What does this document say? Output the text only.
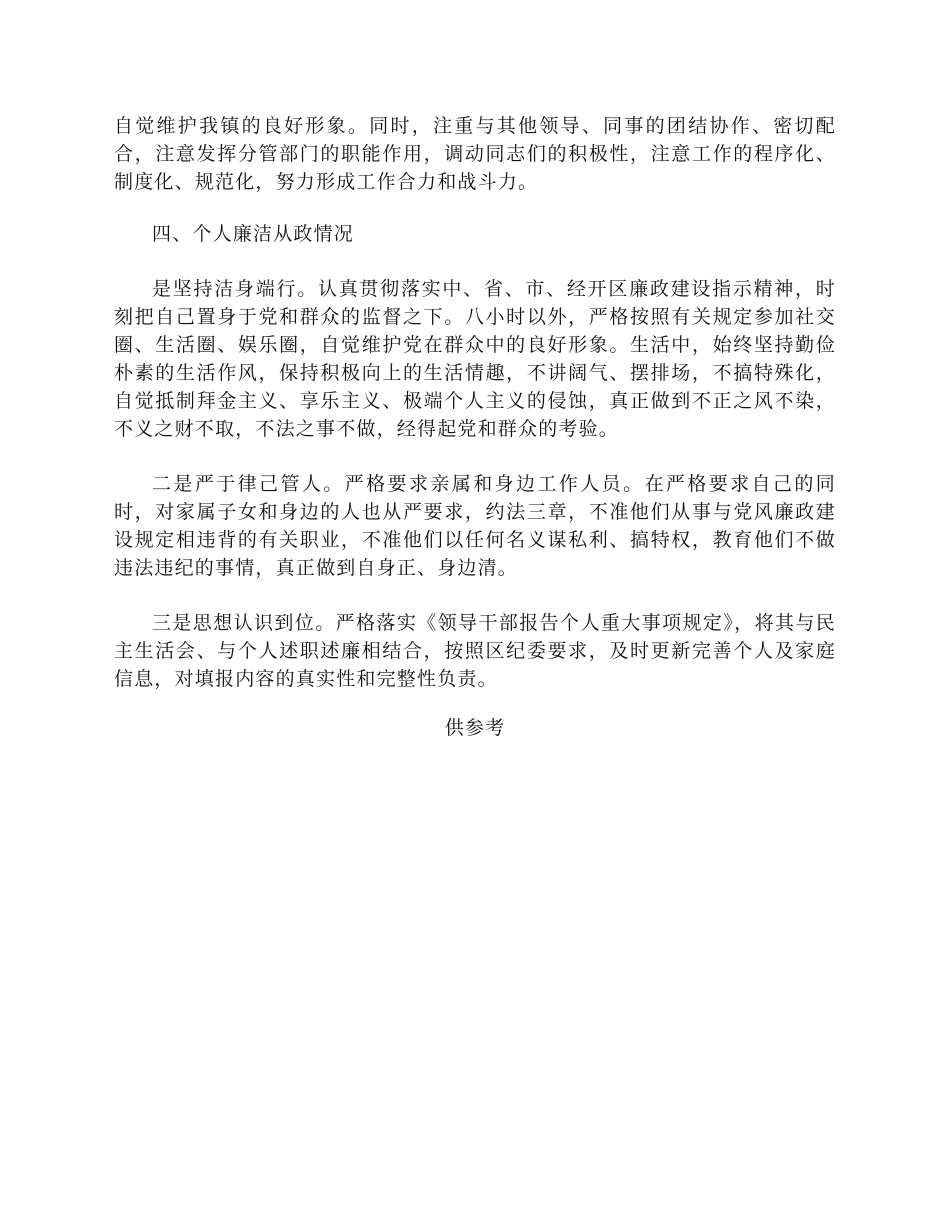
自觉维护我镇的良好形象。同时，注重与其他领导、同事的团结协作、密切配合，注意发挥分管部门的职能作用，调动同志们的积极性，注意工作的程序化、制度化、规范化，努力形成工作合力和战斗力。

四、个人廉洁从政情况

是坚持洁身端行。认真贯彻落实中、省、市、经开区廉政建设指示精神，时刻把自己置身于党和群众的监督之下。八小时以外，严格按照有关规定参加社交圈、生活圈、娱乐圈，自觉维护党在群众中的良好形象。生活中，始终坚持勤俭朴素的生活作风，保持积极向上的生活情趣，不讲阔气、摆排场，不搞特殊化，自觉抵制拜金主义、享乐主义、极端个人主义的侵蚀，真正做到不正之风不染，不义之财不取，不法之事不做，经得起党和群众的考验。

二是严于律己管人。严格要求亲属和身边工作人员。在严格要求自己的同时，对家属子女和身边的人也从严要求，约法三章，不准他们从事与党风廉政建设规定相违背的有关职业，不准他们以任何名义谋私利、搞特权，教育他们不做违法违纪的事情，真正做到自身正、身边清。

三是思想认识到位。严格落实《领导干部报告个人重大事项规定》，将其与民主生活会、与个人述职述廉相结合，按照区纪委要求，及时更新完善个人及家庭信息，对填报内容的真实性和完整性负责。

供参考
